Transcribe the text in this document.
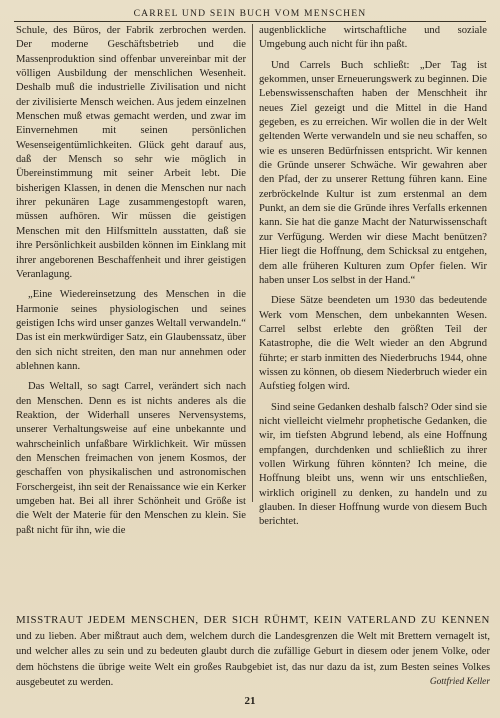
CARREL UND SEIN BUCH VOM MENSCHEN

Schule, des Büros, der Fabrik zerbrochen werden. Der moderne Geschäftsbetrieb und die Massenproduktion sind offenbar unvereinbar mit der völligen Ausbildung der menschlichen Wesenheit. Deshalb muß die industrielle Zivilisation und nicht der zivilisierte Mensch weichen. Aus jedem einzelnen Menschen muß etwas gemacht werden, und zwar im Einvernehmen mit seinen persönlichen Wesenseigentümlichkeiten. Glück geht darauf aus, daß der Mensch so sehr wie möglich in Übereinstimmung mit seiner Arbeit lebt. Die bisherigen Klassen, in denen die Menschen nur nach ihrer pekunären Lage zusammengestopft waren, müssen aufhören. Wir müssen die geistigen Menschen mit den Hilfsmitteln ausstatten, daß sie ihre Persönlichkeit ausbilden können im Einklang mit ihrer angeborenen Beschaffenheit und ihrer geistigen Veranlagung.

„Eine Wiedereinsetzung des Menschen in die Harmonie seines physiologischen und seines geistigen Ichs wird unser ganzes Weltall verwandeln.“ Das ist ein merkwürdiger Satz, ein Glaubenssatz, über den sich nicht streiten, den man nur annehmen oder ablehnen kann.

Das Weltall, so sagt Carrel, verändert sich nach den Menschen. Denn es ist nichts anderes als die Reaktion, der Widerhall unseres Nervensystems, unserer Verhaltungsweise auf eine unbekannte und wahrscheinlich unfaßbare Wirklichkeit. Wir müssen den Menschen freimachen von jenem Kosmos, der geschaffen von physikalischen und astronomischen Forschergeist, ihn seit der Renaissance wie ein Kerker umgeben hat. Bei all ihrer Schönheit und Größe ist die Welt der Materie für den Menschen zu klein. Sie paßt nicht für ihn, wie die

augenblickliche wirtschaftliche und soziale Umgebung auch nicht für ihn paßt.

Und Carrels Buch schließt: „Der Tag ist gekommen, unser Erneuerungswerk zu beginnen. Die Lebenswissenschaften haben der Menschheit ihr neues Ziel gezeigt und die Mittel in die Hand gegeben, es zu erreichen. Wir wollen die in der Welt geltenden Werte verwandeln und sie neu schaffen, so wie es unseren Bedürfnissen entspricht. Wir kennen die Gründe unserer Schwäche. Wir gewahren aber den Pfad, der zu unserer Rettung führen kann. Eine zerbröckelnde Kultur ist zum erstenmal an dem Punkt, an dem sie die Gründe ihres Verfalls erkennen kann. Sie hat die ganze Macht der Naturwissenschaft zur Verfügung. Werden wir diese Macht benützen? Hier liegt die Hoffnung, dem Schicksal zu entgehen, dem alle früheren Kulturen zum Opfer fielen. Wir haben unser Los selbst in der Hand.“

Diese Sätze beendeten um 1930 das bedeutende Werk vom Menschen, dem unbekannten Wesen. Carrel selbst erlebte den größten Teil der Katastrophe, die die Welt wieder an den Abgrund führte; er starb inmitten des Niederbruchs 1944, ohne wissen zu können, ob diesem Niederbruch wieder ein Aufstieg folgen wird.

Sind seine Gedanken deshalb falsch? Oder sind sie nicht vielleicht vielmehr prophetische Gedanken, die wir, im tiefsten Abgrund lebend, als eine Hoffnung empfangen, durchdenken und schließlich zu ihrer vollen Wirkung führen könnten? Ich meine, die Hoffnung bleibt uns, wenn wir uns entschließen, wirklich originell zu denken, zu handeln und zu glauben. In dieser Hoffnung wurde von diesem Buch berichtet.

MISSTRAUT JEDEM MENSCHEN, DER SICH RÜHMT, KEIN VATERLAND ZU KENNEN und zu lieben. Aber mißtraut auch dem, welchem durch die Landesgrenzen die Welt mit Brettern vernagelt ist, und welcher alles zu sein und zu bedeuten glaubt durch die zufällige Geburt in diesem oder jenem Volke, oder dem höchstens die übrige weite Welt ein großes Raubgebiet ist, das nur dazu da ist, zum Besten seines Volkes ausgebeutet zu werden.	Gottfried Keller
21
